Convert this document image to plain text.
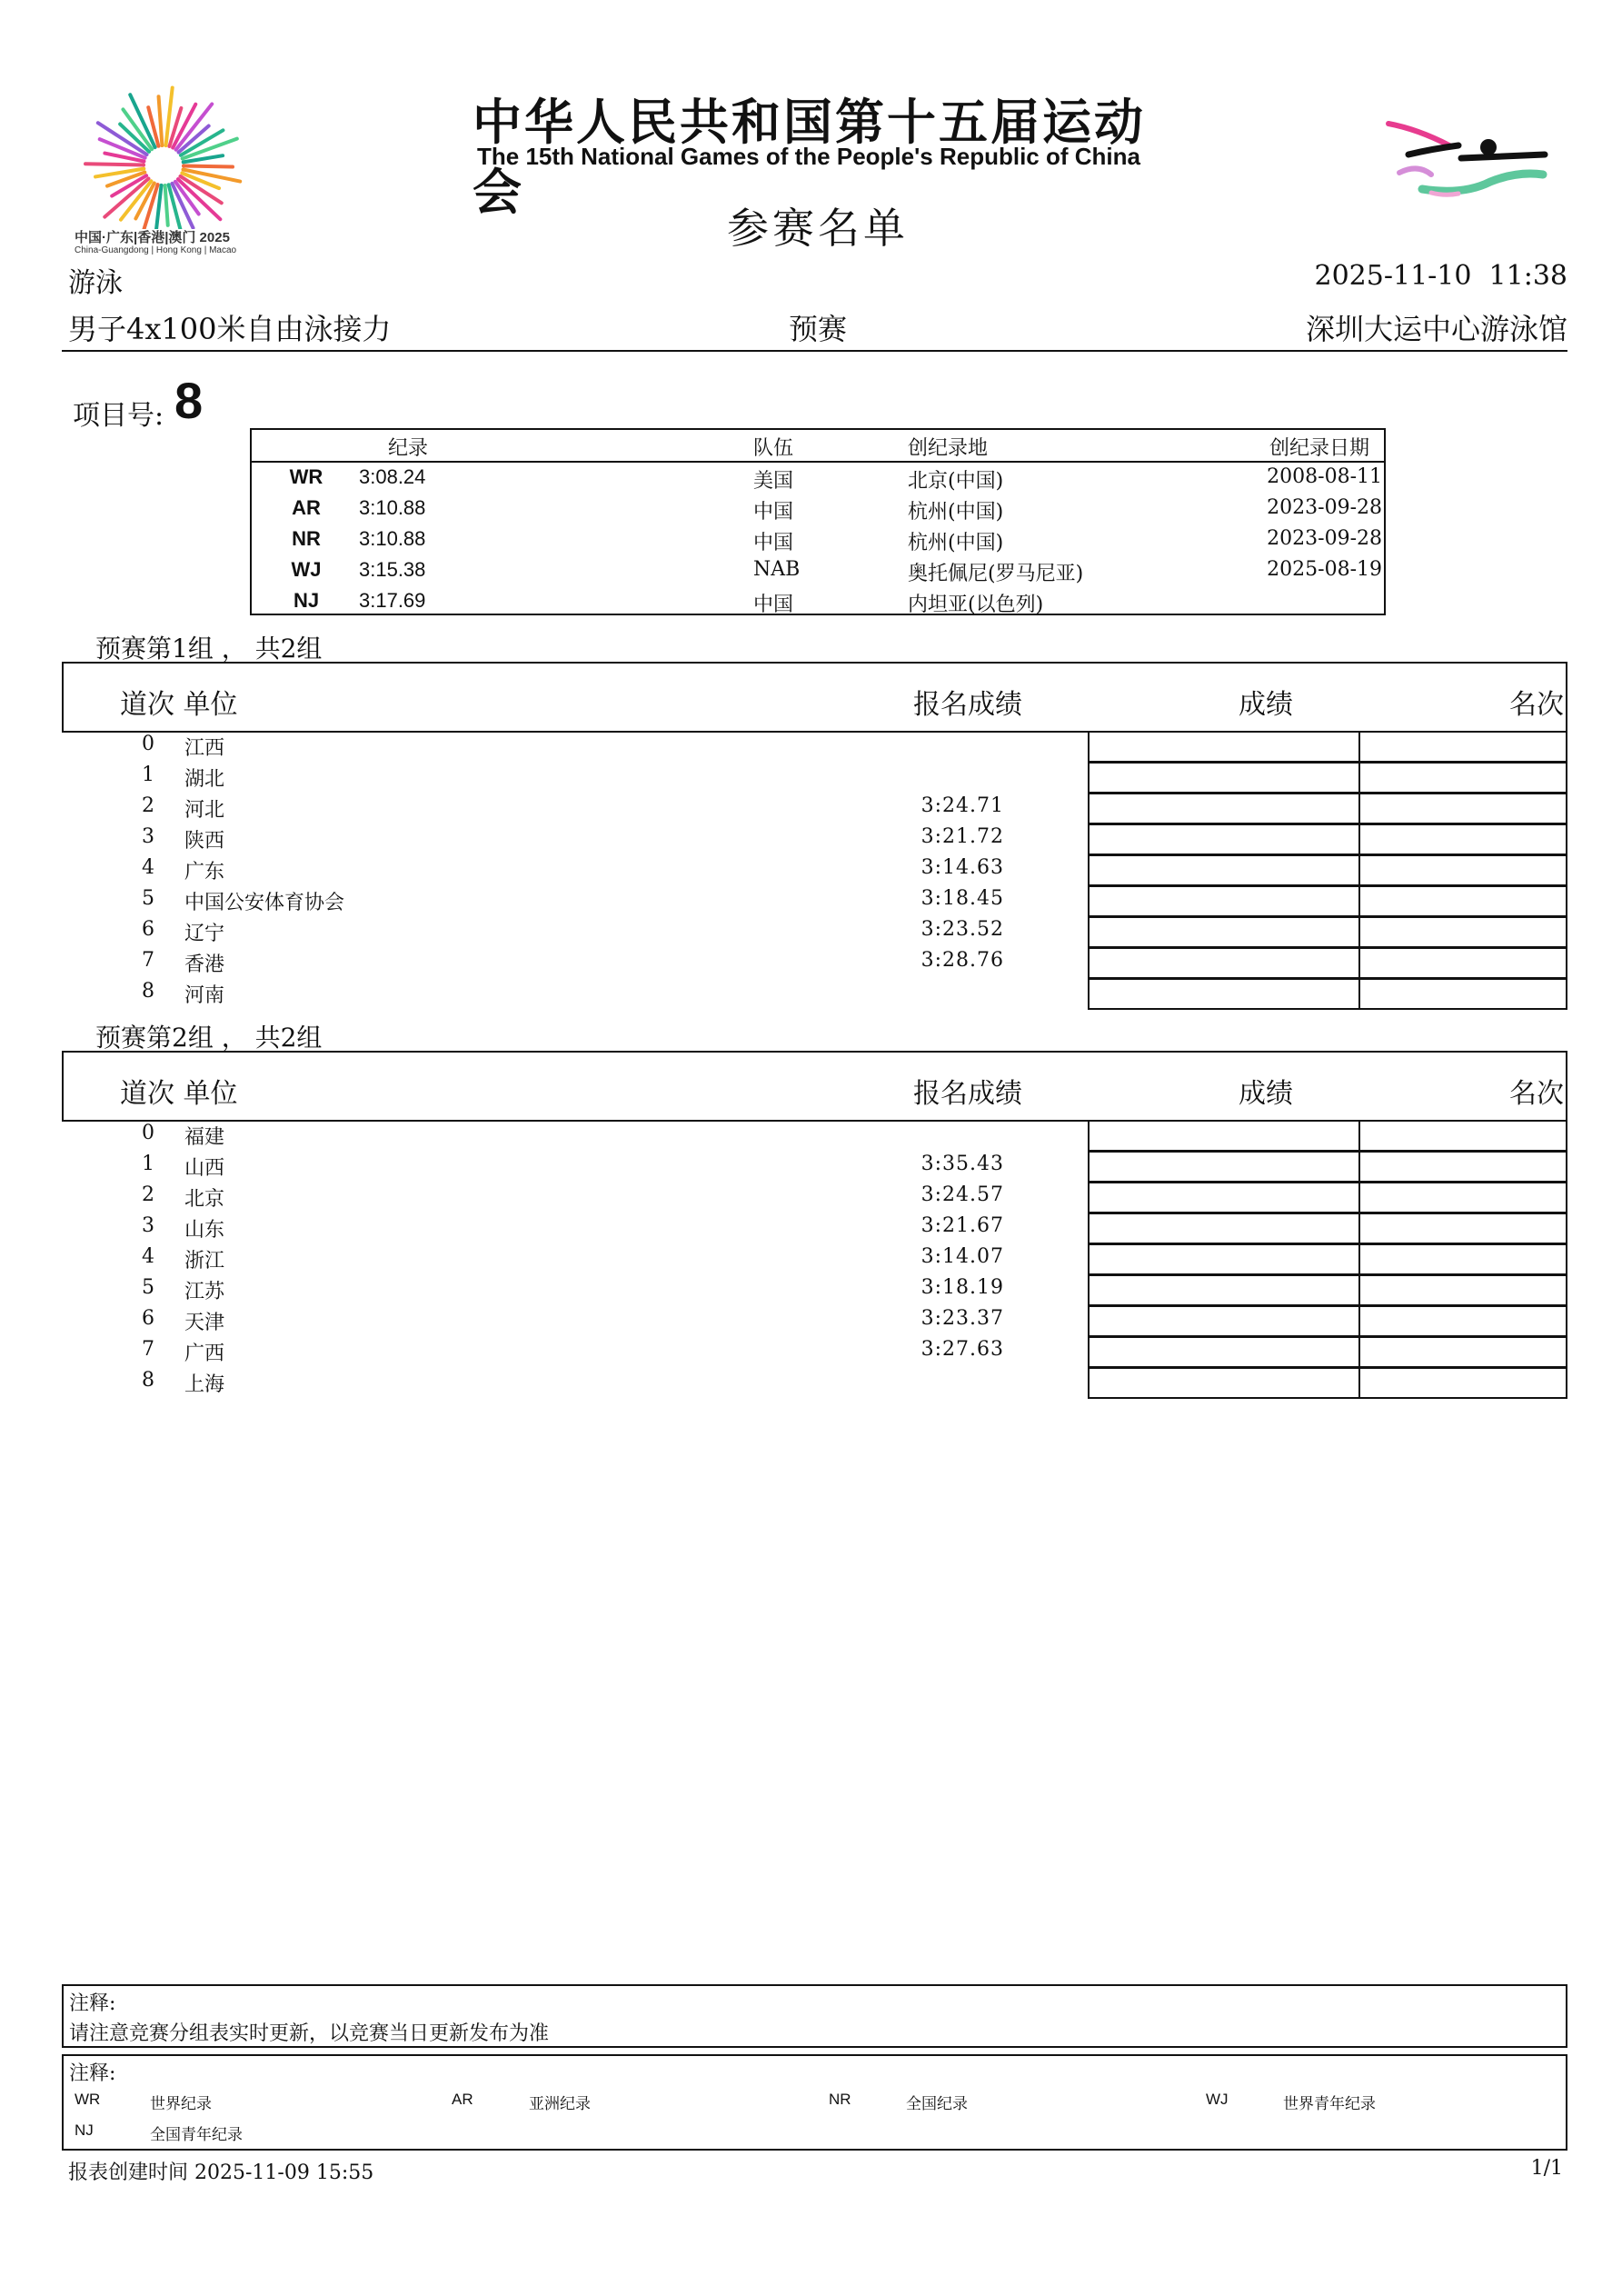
中国·广东|香港|澳门 2025
China-Guangdong | Hong Kong | Macao
中华人民共和国第十五届运动会
The 15th National Games of the People's Republic of China
参赛名单
游泳	2025-11-10  11:38
男子4x100米自由泳接力	预赛	深圳大运中心游泳馆
项目号: 8
纪录	队伍	创纪录地	创纪录日期
WR	3:08.24	美国	北京(中国)	2008-08-11
AR	3:10.88	中国	杭州(中国)	2023-09-28
NR	3:10.88	中国	杭州(中国)	2023-09-28
WJ	3:15.38	NAB	奥托佩尼(罗马尼亚)	2025-08-19
NJ	3:17.69	中国	内坦亚(以色列)
预赛第1组 ， 共2组
道次 单位	报名成绩	成绩	名次
0 江西
1 湖北
2 河北	3:24.71
3 陕西	3:21.72
4 广东	3:14.63
5 中国公安体育协会	3:18.45
6 辽宁	3:23.52
7 香港	3:28.76
8 河南
预赛第2组 ， 共2组
道次 单位	报名成绩	成绩	名次
0 福建
1 山西	3:35.43
2 北京	3:24.57
3 山东	3:21.67
4 浙江	3:14.07
5 江苏	3:18.19
6 天津	3:23.37
7 广西	3:27.63
8 上海
注释:
请注意竞赛分组表实时更新，以竞赛当日更新发布为准
注释:
WR	世界纪录	AR	亚洲纪录	NR	全国纪录	WJ	世界青年纪录
NJ	全国青年纪录
报表创建时间 2025-11-09 15:55	1/1
